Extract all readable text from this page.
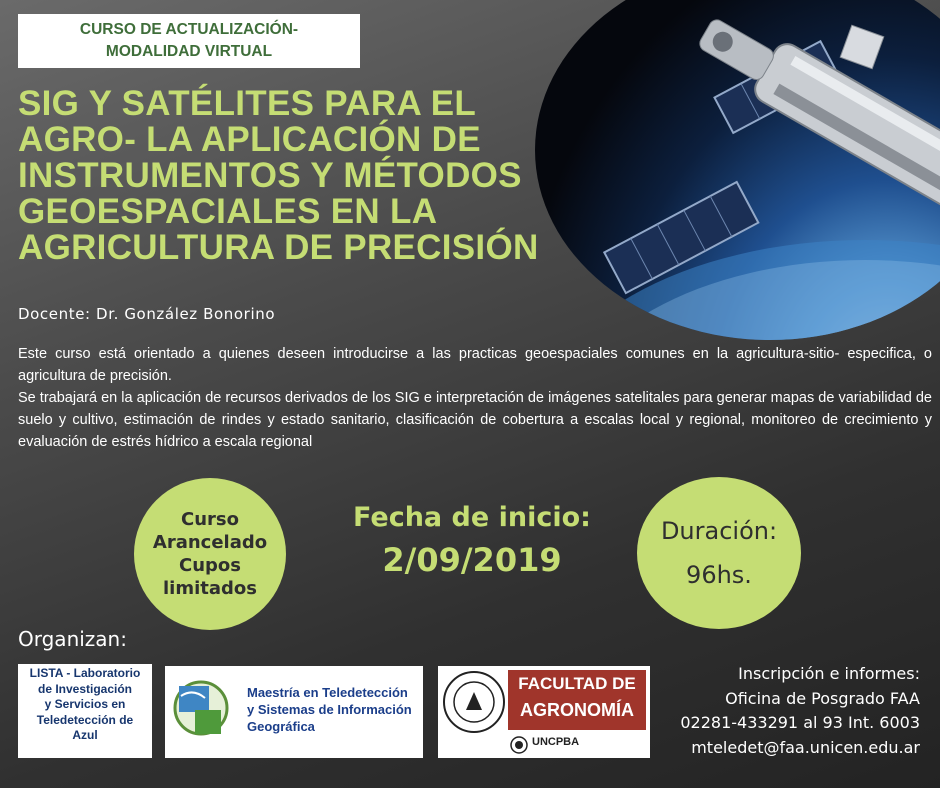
CURSO DE ACTUALIZACIÓN-
MODALIDAD VIRTUAL
SIG Y SATÉLITES PARA EL
AGRO- LA APLICACIÓN DE
INSTRUMENTOS Y MÉTODOS
GEOESPACIALES EN LA
AGRICULTURA DE PRECISIÓN
Docente: Dr. González Bonorino
Este curso está orientado a quienes deseen introducirse a las practicas geoespaciales comunes en la agricultura-sitio- especifica, o agricultura de precisión.
Se trabajará en la aplicación de recursos derivados de los SIG e interpretación de imágenes satelitales para generar mapas de variabilidad de suelo y cultivo, estimación de rindes y estado sanitario, clasificación de cobertura a escalas local y regional, monitoreo de crecimiento y evaluación de estrés hídrico a escala regional
Curso
Arancelado
Cupos
limitados
Fecha de inicio:
2/09/2019
Duración:
96hs.
Organizan:
LISTA - Laboratorio
de Investigación
y Servicios en
Teledetección de
Azul
Maestría en Teledetección
y Sistemas de Información
Geográfica
FACULTAD DE
AGRONOMÍA
UNCPBA
Inscripción e informes:
Oficina de Posgrado FAA
02281-433291 al 93 Int. 6003
mteledet@faa.unicen.edu.ar
